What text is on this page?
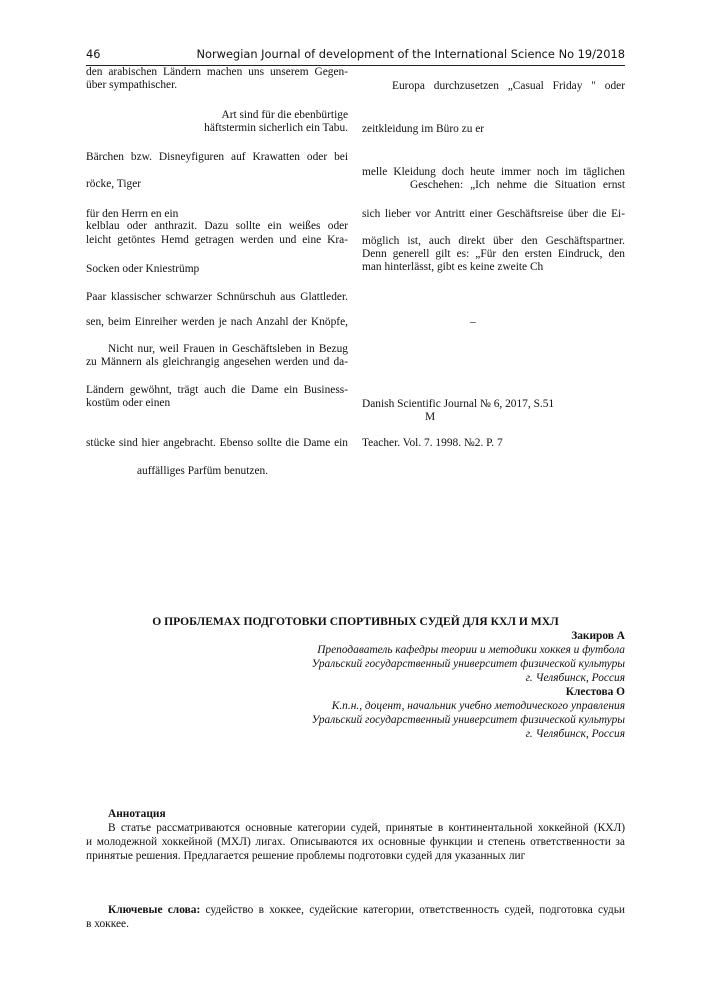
46	Norwegian Journal of development of the International Science No 19/2018
den arabischen Ländern machen uns unserem Gegen-
über sympathischer.
Art sind für die ebenbürtige
häftstermin sicherlich ein Tabu.
Bärchen bzw. Disneyfiguren auf Krawatten oder bei
röcke, Tiger
für den Herrn en ein
kelblau oder anthrazit. Dazu sollte ein weißes oder
leicht getöntes Hemd getragen werden und eine Kra-
Socken oder Kniestrümp
Paar klassischer schwarzer Schnürschuh aus Glattleder.
sen, beim Einreiher werden je nach Anzahl der Knöpfe,
Nicht nur, weil Frauen in Geschäftsleben in Bezug
zu Männern als gleichrangig angesehen werden und da-
Ländern gewöhnt, trägt auch die Dame ein Business-
kostüm oder einen
stücke sind hier angebracht. Ebenso sollte die Dame ein
auffälliges Parfüm benutzen.
Europa durchzusetzen „Casual Friday " oder
zeitkleidung im Büro zu er
melle Kleidung doch heute immer noch im täglichen
Geschehen: „Ich nehme die Situation ernst
sich lieber vor Antritt einer Geschäftsreise über die Ei-
möglich ist, auch direkt über den Geschäftspartner.
Denn generell gilt es: „Für den ersten Eindruck, den
man hinterlässt, gibt es keine zweite Ch
–
Danish Scientific Journal № 6, 2017, S.51
M
Teacher. Vol. 7. 1998. №2. P. 7
О ПРОБЛЕМАХ ПОДГОТОВКИ СПОРТИВНЫХ СУДЕЙ ДЛЯ КХЛ И МХЛ
Закиров А
Преподаватель кафедры теории и методики хоккея и футбола
Уральский государственный университет физической культуры
г. Челябинск, Россия
Клестова О
К.п.н., доцент, начальник учебно методического управления
Уральский государственный университет физической культуры
г. Челябинск, Россия
Аннотация
В статье рассматриваются основные категории судей, принятые в континентальной хоккейной (КХЛ)
и молодежной хоккейной (МХЛ) лигах. Описываются их основные функции и степень ответственности за
принятые решения. Предлагается решение проблемы подготовки судей для указанных лиг
Ключевые слова: судейство в хоккее, судейские категории, ответственность судей, подготовка судьи
в хоккее.
